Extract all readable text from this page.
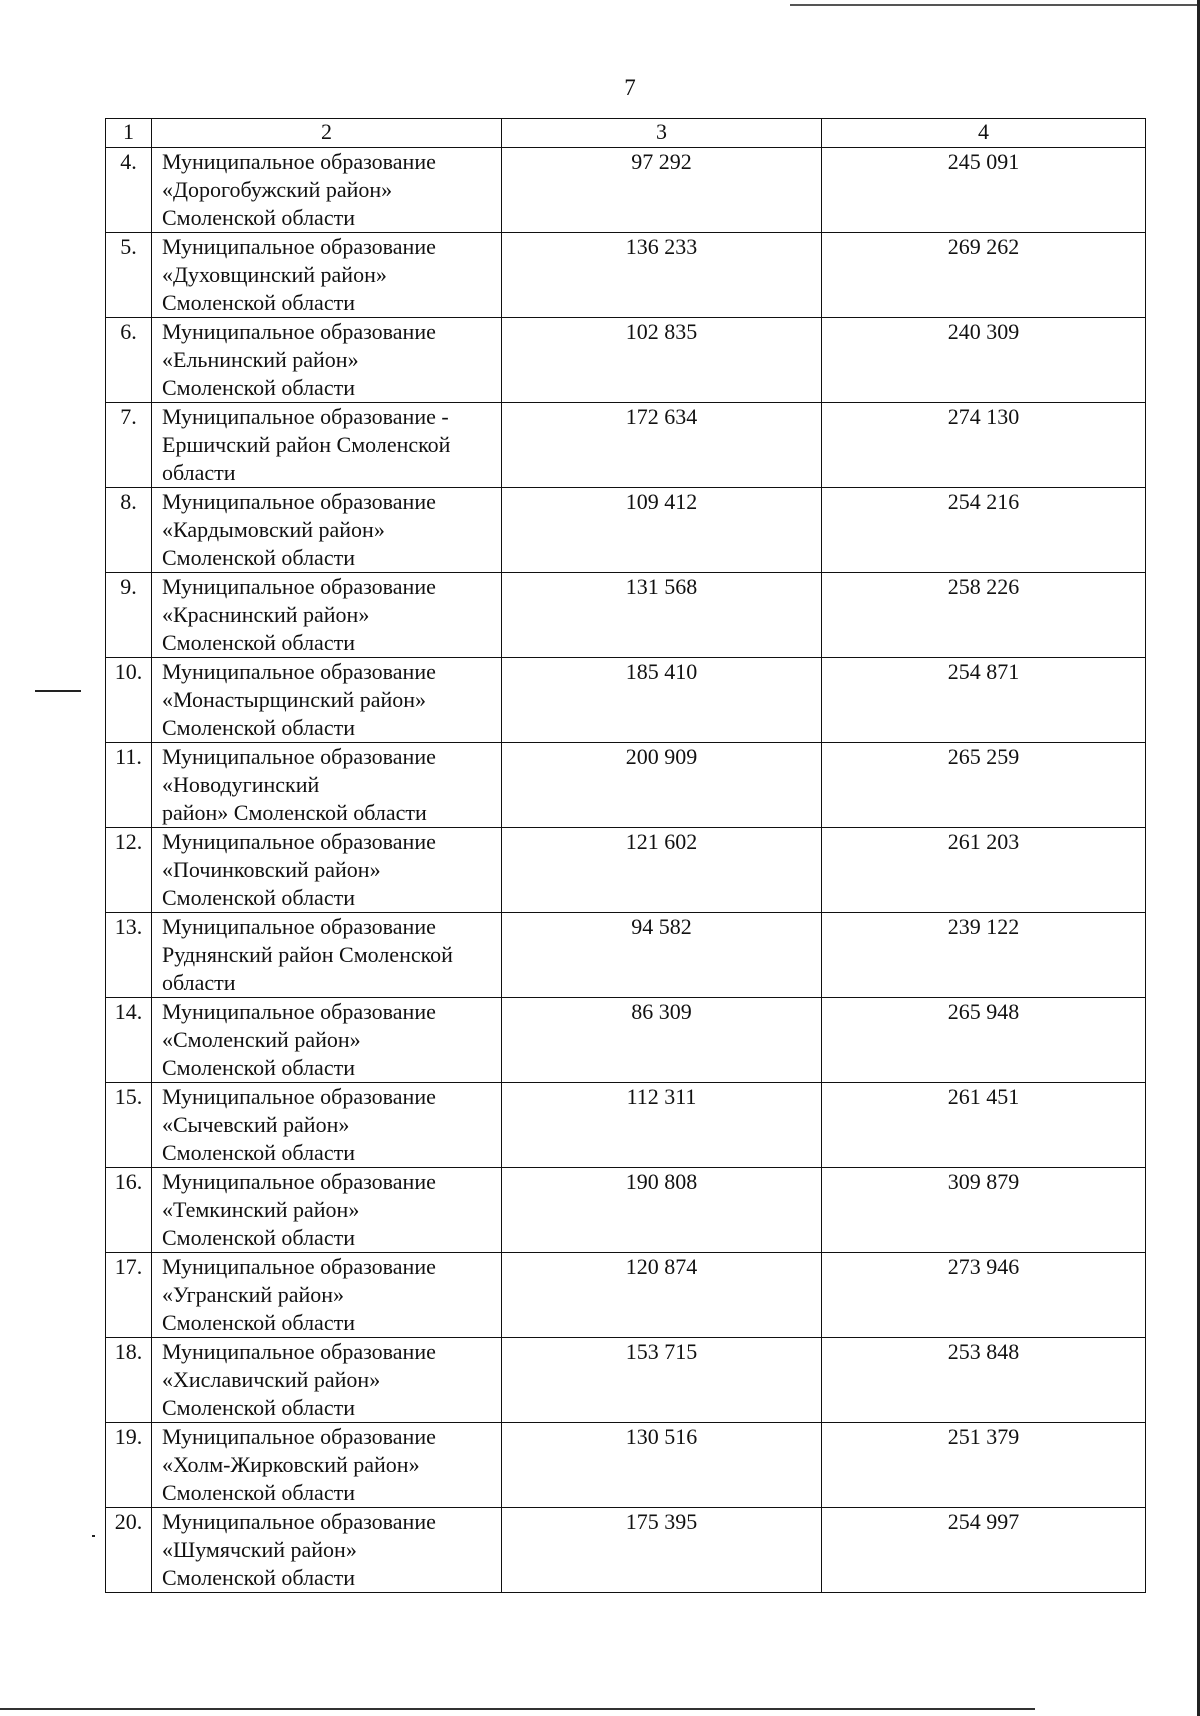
7
1	2	3	4
4.	Муниципальное образование
«Дорогобужский район»
Смоленской области	97 292	245 091
5.	Муниципальное образование
«Духовщинский район»
Смоленской области	136 233	269 262
6.	Муниципальное образование
«Ельнинский район»
Смоленской области	102 835	240 309
7.	Муниципальное образование -
Ершичский район Смоленской
области	172 634	274 130
8.	Муниципальное образование
«Кардымовский район»
Смоленской области	109 412	254 216
9.	Муниципальное образование
«Краснинский район»
Смоленской области	131 568	258 226
10.	Муниципальное образование
«Монастырщинский район»
Смоленской области	185 410	254 871
11.	Муниципальное образование
«Новодугинский
район» Смоленской области	200 909	265 259
12.	Муниципальное образование
«Починковский район»
Смоленской области	121 602	261 203
13.	Муниципальное образование
Руднянский район Смоленской
области	94 582	239 122
14.	Муниципальное образование
«Смоленский район»
Смоленской области	86 309	265 948
15.	Муниципальное образование
«Сычевский район»
Смоленской области	112 311	261 451
16.	Муниципальное образование
«Темкинский район»
Смоленской области	190 808	309 879
17.	Муниципальное образование
«Угранский район»
Смоленской области	120 874	273 946
18.	Муниципальное образование
«Хиславичский район»
Смоленской области	153 715	253 848
19.	Муниципальное образование
«Холм-Жирковский район»
Смоленской области	130 516	251 379
20.	Муниципальное образование
«Шумячский район»
Смоленской области	175 395	254 997
